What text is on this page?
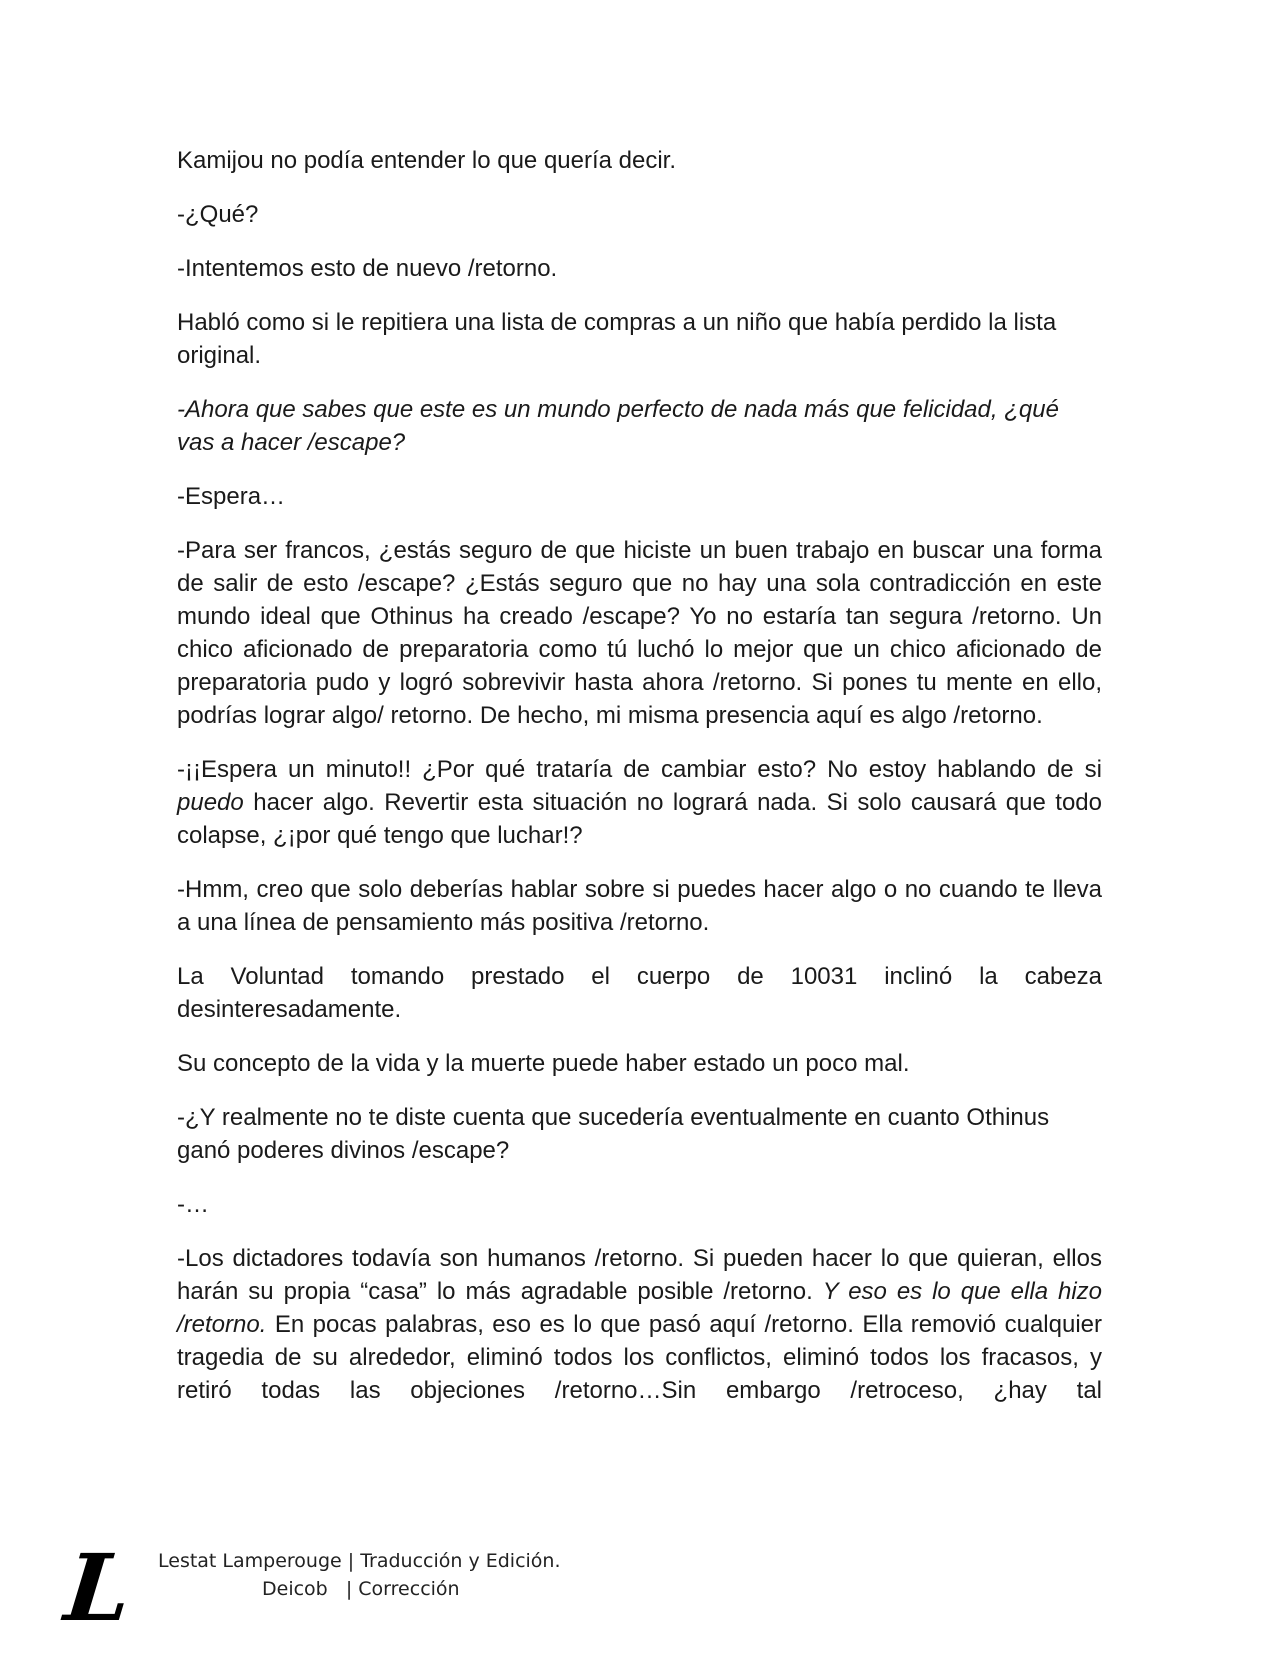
Kamijou no podía entender lo que quería decir.

-¿Qué?

-Intentemos esto de nuevo /retorno.

Habló como si le repitiera una lista de compras a un niño que había perdido la lista original.

-Ahora que sabes que este es un mundo perfecto de nada más que felicidad, ¿qué vas a hacer /escape?

-Espera…

-Para ser francos, ¿estás seguro de que hiciste un buen trabajo en buscar una forma de salir de esto /escape? ¿Estás seguro que no hay una sola contradicción en este mundo ideal que Othinus ha creado /escape? Yo no estaría tan segura /retorno. Un chico aficionado de preparatoria como tú luchó lo mejor que un chico aficionado de preparatoria pudo y logró sobrevivir hasta ahora /retorno. Si pones tu mente en ello, podrías lograr algo/ retorno. De hecho, mi misma presencia aquí es algo /retorno.

-¡¡Espera un minuto!! ¿Por qué trataría de cambiar esto? No estoy hablando de si puedo hacer algo. Revertir esta situación no logrará nada. Si solo causará que todo colapse, ¿¡por qué tengo que luchar!?

-Hmm, creo que solo deberías hablar sobre si puedes hacer algo o no cuando te lleva a una línea de pensamiento más positiva /retorno.

La Voluntad tomando prestado el cuerpo de 10031 inclinó la cabeza desinteresadamente.

Su concepto de la vida y la muerte puede haber estado un poco mal.

-¿Y realmente no te diste cuenta que sucedería eventualmente en cuanto Othinus ganó poderes divinos /escape?

-…

-Los dictadores todavía son humanos /retorno. Si pueden hacer lo que quieran, ellos harán su propia “casa” lo más agradable posible /retorno. Y eso es lo que ella hizo /retorno. En pocas palabras, eso es lo que pasó aquí /retorno. Ella removió cualquier tragedia de su alrededor, eliminó todos los conflictos, eliminó todos los fracasos, y retiró todas las objeciones /retorno…Sin embargo /retroceso, ¿hay tal

L Lestat Lamperouge | Traducción y Edición.
Deicob   | Corrección
